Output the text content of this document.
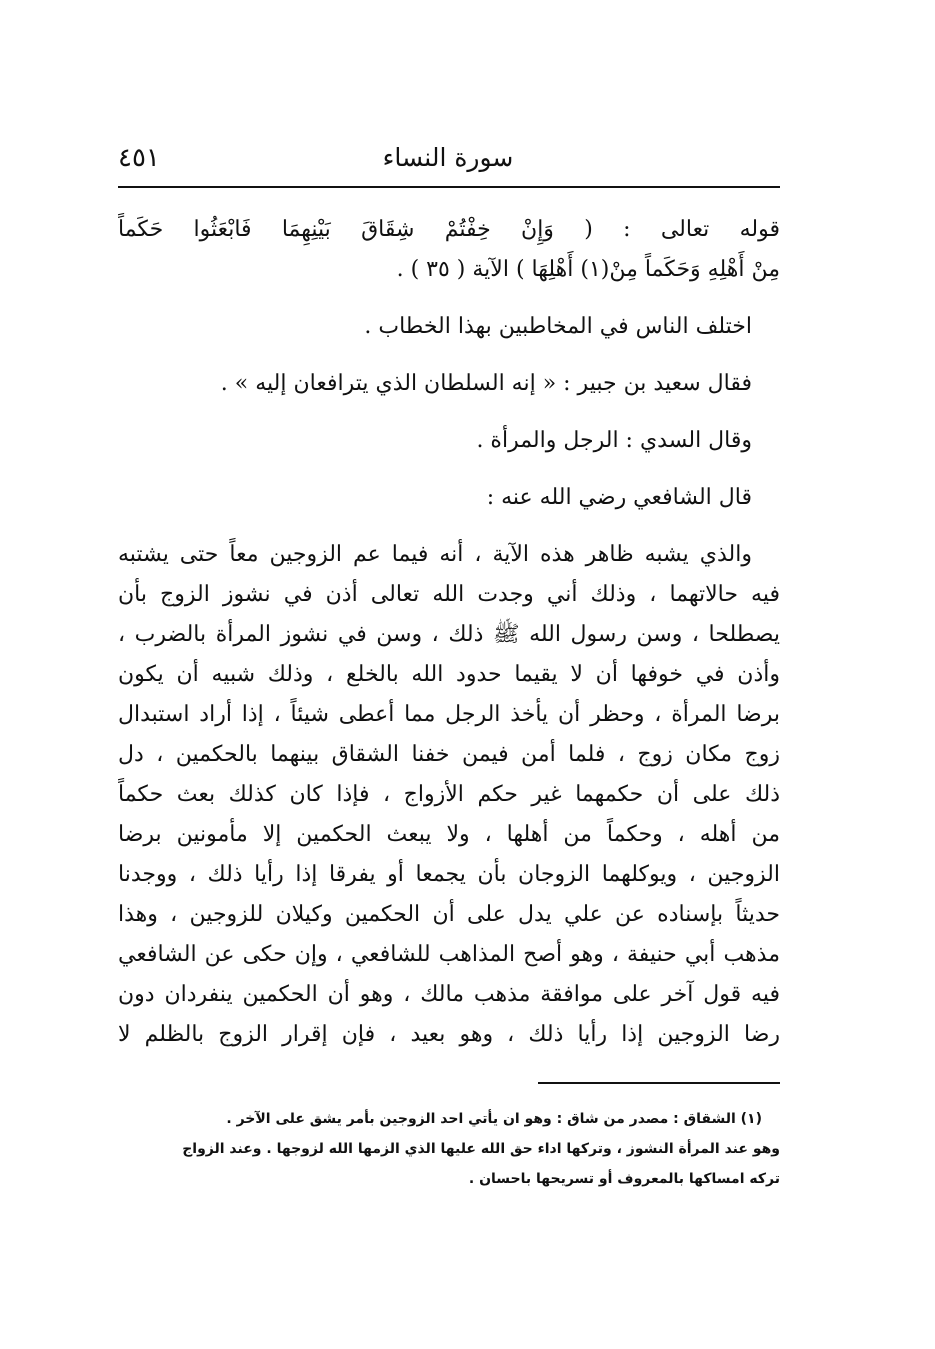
سورة النساء
٤٥١
قوله تعالى : ( وَإِنْ خِفْتُمْ شِقَاقَ بَيْنِهِمَا فَابْعَثُوا حَكَماً
مِنْ أَهْلِهِ وَحَكَماً مِنْ(١) أَهْلِهَا ) الآية ( ٣٥ ) .
اختلف الناس في المخاطبين بهذا الخطاب .
فقال سعيد بن جبير : « إنه السلطان الذي يترافعان إليه » .
وقال السدي : الرجل والمرأة .
قال الشافعي رضي الله عنه :
والذي يشبه ظاهر هذه الآية ، أنه فيما عم الزوجين معاً حتى يشتبه
فيه حالاتهما ، وذلك أني وجدت الله تعالى أذن في نشوز الزوج بأن
يصطلحا ، وسن رسول الله ﷺ ذلك ، وسن في نشوز المرأة بالضرب ،
وأذن في خوفها أن لا يقيما حدود الله بالخلع ، وذلك شبيه أن يكون
برضا المرأة ، وحظر أن يأخذ الرجل مما أعطى شيئاً ، إذا أراد استبدال
زوج مكان زوج ، فلما أمن فيمن خفنا الشقاق بينهما بالحكمين ، دل
ذلك على أن حكمهما غير حكم الأزواج ، فإذا كان كذلك بعث حكماً
من أهله ، وحكماً من أهلها ، ولا يبعث الحكمين إلا مأمونين برضا
الزوجين ، ويوكلهما الزوجان بأن يجمعا أو يفرقا إذا رأيا ذلك ، ووجدنا
حديثاً بإسناده عن علي يدل على أن الحكمين وكيلان للزوجين ، وهذا
مذهب أبي حنيفة ، وهو أصح المذاهب للشافعي ، وإن حكى عن الشافعي
فيه قول آخر على موافقة مذهب مالك ، وهو أن الحكمين ينفردان دون
رضا الزوجين إذا رأيا ذلك ، وهو بعيد ، فإن إقرار الزوج بالظلم لا
(١) الشقاق : مصدر من شاق : وهو ان يأتي احد الزوجين بأمر يشق على الآخر .
وهو عند المرأة النشوز ، وتركها اداء حق الله عليها الذي الزمها الله لزوجها . وعند الزواج
تركه امساكها بالمعروف أو تسريحها باحسان .
